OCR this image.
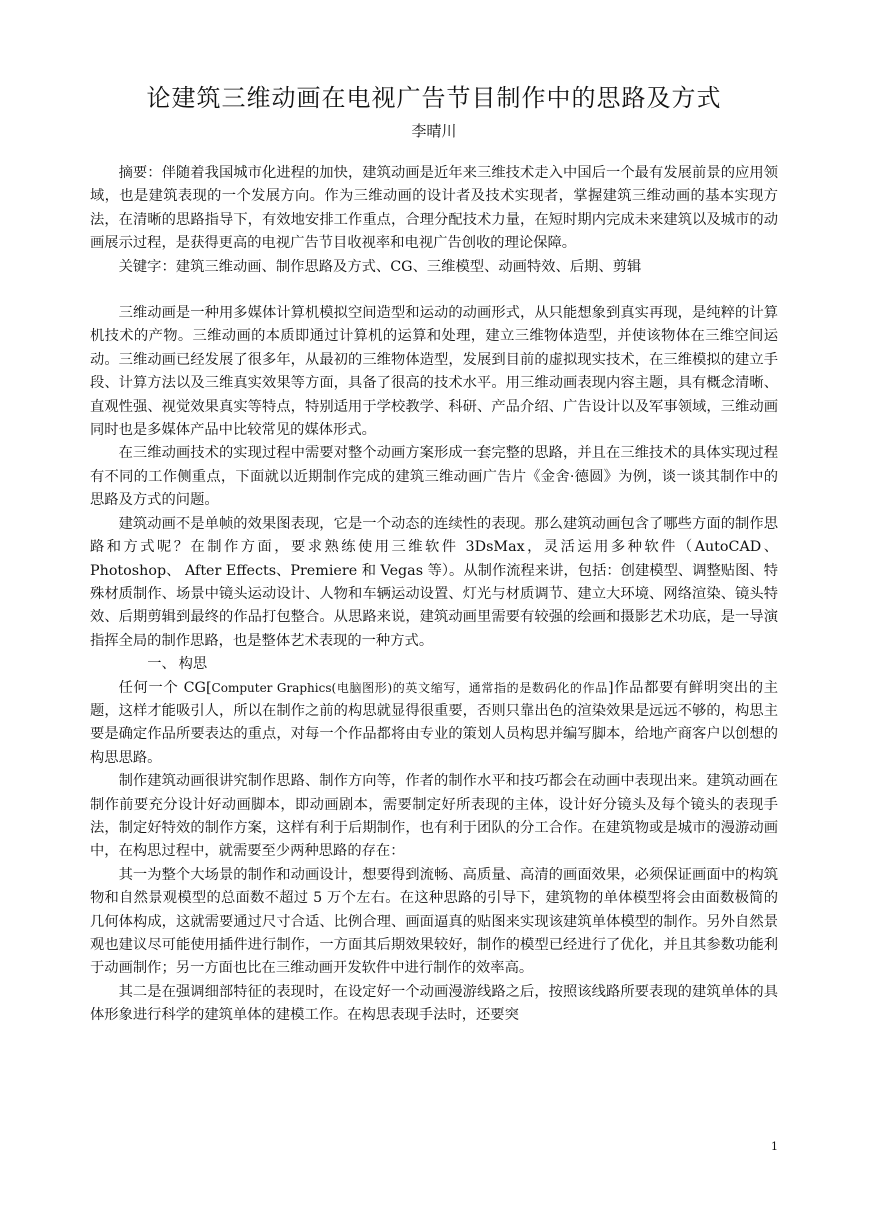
论建筑三维动画在电视广告节目制作中的思路及方式
李晴川

摘要：伴随着我国城市化进程的加快，建筑动画是近年来三维技术走入中国后一个最有发展前景的应用领域，也是建筑表现的一个发展方向。作为三维动画的设计者及技术实现者，掌握建筑三维动画的基本实现方法，在清晰的思路指导下，有效地安排工作重点，合理分配技术力量，在短时期内完成未来建筑以及城市的动画展示过程，是获得更高的电视广告节目收视率和电视广告创收的理论保障。

关键字：建筑三维动画、制作思路及方式、CG、三维模型、动画特效、后期、剪辑

三维动画是一种用多媒体计算机模拟空间造型和运动的动画形式，从只能想象到真实再现，是纯粹的计算机技术的产物。三维动画的本质即通过计算机的运算和处理，建立三维物体造型，并使该物体在三维空间运动。三维动画已经发展了很多年，从最初的三维物体造型，发展到目前的虚拟现实技术，在三维模拟的建立手段、计算方法以及三维真实效果等方面，具备了很高的技术水平。用三维动画表现内容主题，具有概念清晰、直观性强、视觉效果真实等特点，特别适用于学校教学、科研、产品介绍、广告设计以及军事领域，三维动画同时也是多媒体产品中比较常见的媒体形式。

在三维动画技术的实现过程中需要对整个动画方案形成一套完整的思路，并且在三维技术的具体实现过程有不同的工作侧重点，下面就以近期制作完成的建筑三维动画广告片《金舍·德圆》为例，谈一谈其制作中的思路及方式的问题。

建筑动画不是单帧的效果图表现，它是一个动态的连续性的表现。那么建筑动画包含了哪些方面的制作思路和方式呢？在制作方面，要求熟练使用三维软件 3DsMax，灵活运用多种软件（AutoCAD、Photoshop、 After Effects、Premiere 和 Vegas 等）。从制作流程来讲，包括：创建模型、调整贴图、特殊材质制作、场景中镜头运动设计、人物和车辆运动设置、灯光与材质调节、建立大环境、网络渲染、镜头特效、后期剪辑到最终的作品打包整合。从思路来说，建筑动画里需要有较强的绘画和摄影艺术功底，是一导演指挥全局的制作思路，也是整体艺术表现的一种方式。

一、 构思

任何一个 CG[Computer Graphics(电脑图形)的英文缩写，通常指的是数码化的作品]作品都要有鲜明突出的主题，这样才能吸引人，所以在制作之前的构思就显得很重要，否则只靠出色的渲染效果是远远不够的，构思主要是确定作品所要表达的重点，对每一个作品都将由专业的策划人员构思并编写脚本，给地产商客户以创想的构思思路。

制作建筑动画很讲究制作思路、制作方向等，作者的制作水平和技巧都会在动画中表现出来。建筑动画在制作前要充分设计好动画脚本，即动画剧本，需要制定好所表现的主体，设计好分镜头及每个镜头的表现手法，制定好特效的制作方案，这样有利于后期制作，也有利于团队的分工合作。在建筑物或是城市的漫游动画中，在构思过程中，就需要至少两种思路的存在：

其一为整个大场景的制作和动画设计，想要得到流畅、高质量、高清的画面效果，必须保证画面中的构筑物和自然景观模型的总面数不超过 5 万个左右。在这种思路的引导下，建筑物的单体模型将会由面数极简的几何体构成，这就需要通过尺寸合适、比例合理、画面逼真的贴图来实现该建筑单体模型的制作。另外自然景观也建议尽可能使用插件进行制作，一方面其后期效果较好，制作的模型已经进行了优化，并且其参数功能利于动画制作；另一方面也比在三维动画开发软件中进行制作的效率高。

其二是在强调细部特征的表现时，在设定好一个动画漫游线路之后，按照该线路所要表现的建筑单体的具体形象进行科学的建筑单体的建模工作。在构思表现手法时，还要突

1
